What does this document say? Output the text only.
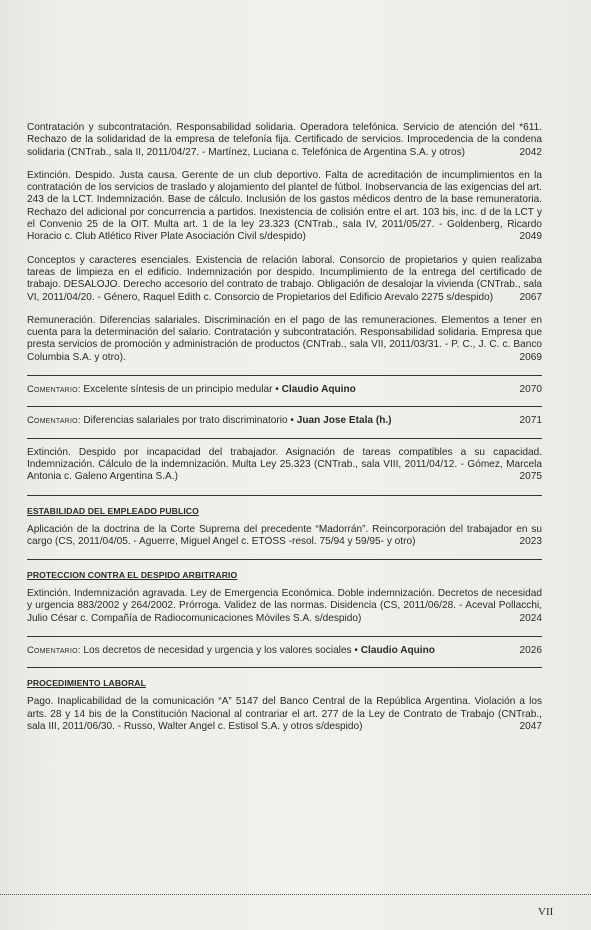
Contratación y subcontratación. Responsabilidad solidaria. Operadora telefónica. Servicio de atención del *611. Rechazo de la solidaridad de la empresa de telefonía fija. Certificado de servicios. Improcedencia de la condena solidaria (CNTrab., sala II, 2011/04/27. - Martínez, Luciana c. Telefónica de Argentina S.A. y otros)	2042
Extinción. Despido. Justa causa. Gerente de un club deportivo. Falta de acreditación de incumplimientos en la contratación de los servicios de traslado y alojamiento del plantel de fútbol. Inobservancia de las exigencias del art. 243 de la LCT. Indemnización. Base de cálculo. Inclusión de los gastos médicos dentro de la base remuneratoria. Rechazo del adicional por concurrencia a partidos. Inexistencia de colisión entre el art. 103 bis, inc. d de la LCT y el Convenio 25 de la OIT. Multa art. 1 de la ley 23.323 (CNTrab., sala IV, 2011/05/27. - Goldenberg, Ricardo Horacio c. Club Atlético River Plate Asociación Civil s/despido)	2049
Conceptos y caracteres esenciales. Existencia de relación laboral. Consorcio de propietarios y quien realizaba tareas de limpieza en el edificio. Indemnización por despido. Incumplimiento de la entrega del certificado de trabajo. DESALOJO. Derecho accesorio del contrato de trabajo. Obligación de desalojar la vivienda (CNTrab., sala VI, 2011/04/20. - Génerо, Raquel Edith c. Consorcio de Propietarios del Edificio Arevalo 2275 s/despido)	2067
Remuneración. Diferencias salariales. Discriminación en el pago de las remuneraciones. Elementos a tener en cuenta para la determinación del salario. Contratación y subcontratación. Responsabilidad solidaria. Empresa que presta servicios de promoción y administración de productos (CNTrab., sala VII, 2011/03/31. - P. C., J. C. c. Banco Columbia S.A. y otro).	2069
Comentario: Excelente síntesis de un principio medular • Claudio Aquino	2070
Comentario: Diferencias salariales por trato discriminatorio • Juan Jose Etala (h.)	2071
Extinción. Despido por incapacidad del trabajador. Asignación de tareas compatibles a su capacidad. Indemnización. Cálculo de la indemnización. Multa Ley 25.323 (CNTrab., sala VIII, 2011/04/12. - Gómez, Marcela Antonia c. Galeno Argentina S.A.)	2075
ESTABILIDAD DEL EMPLEADO PUBLICO
Aplicación de la doctrina de la Corte Suprema del precedente “Madorrán”. Reincorporación del trabajador en su cargo (CS, 2011/04/05. - Aguerre, Miguel Angel c. ETOSS -resol. 75/94 y 59/95- y otro)	2023
PROTECCION CONTRA EL DESPIDO ARBITRARIO
Extinción. Indemnización agravada. Ley de Emergencia Económica. Doble indemnización. Decretos de necesidad y urgencia 883/2002 y 264/2002. Prórroga. Validez de las normas. Disidencia (CS, 2011/06/28. - Aceval Pollacchi, Julio César c. Compañía de Radiocomunicaciones Móviles S.A. s/despido)	2024
Comentario: Los decretos de necesidad y urgencia y los valores sociales • Claudio Aquino	2026
PROCEDIMIENTO LABORAL
Pago. Inaplicabilidad de la comunicación “A” 5147 del Banco Central de la República Argentina. Violación a los arts. 28 y 14 bis de la Constitución Nacional al contrariar el art. 277 de la Ley de Contrato de Trabajo (CNTrab., sala III, 2011/06/30. - Russo, Walter Angel c. Estisol S.A. y otros s/despido)	2047
VII
